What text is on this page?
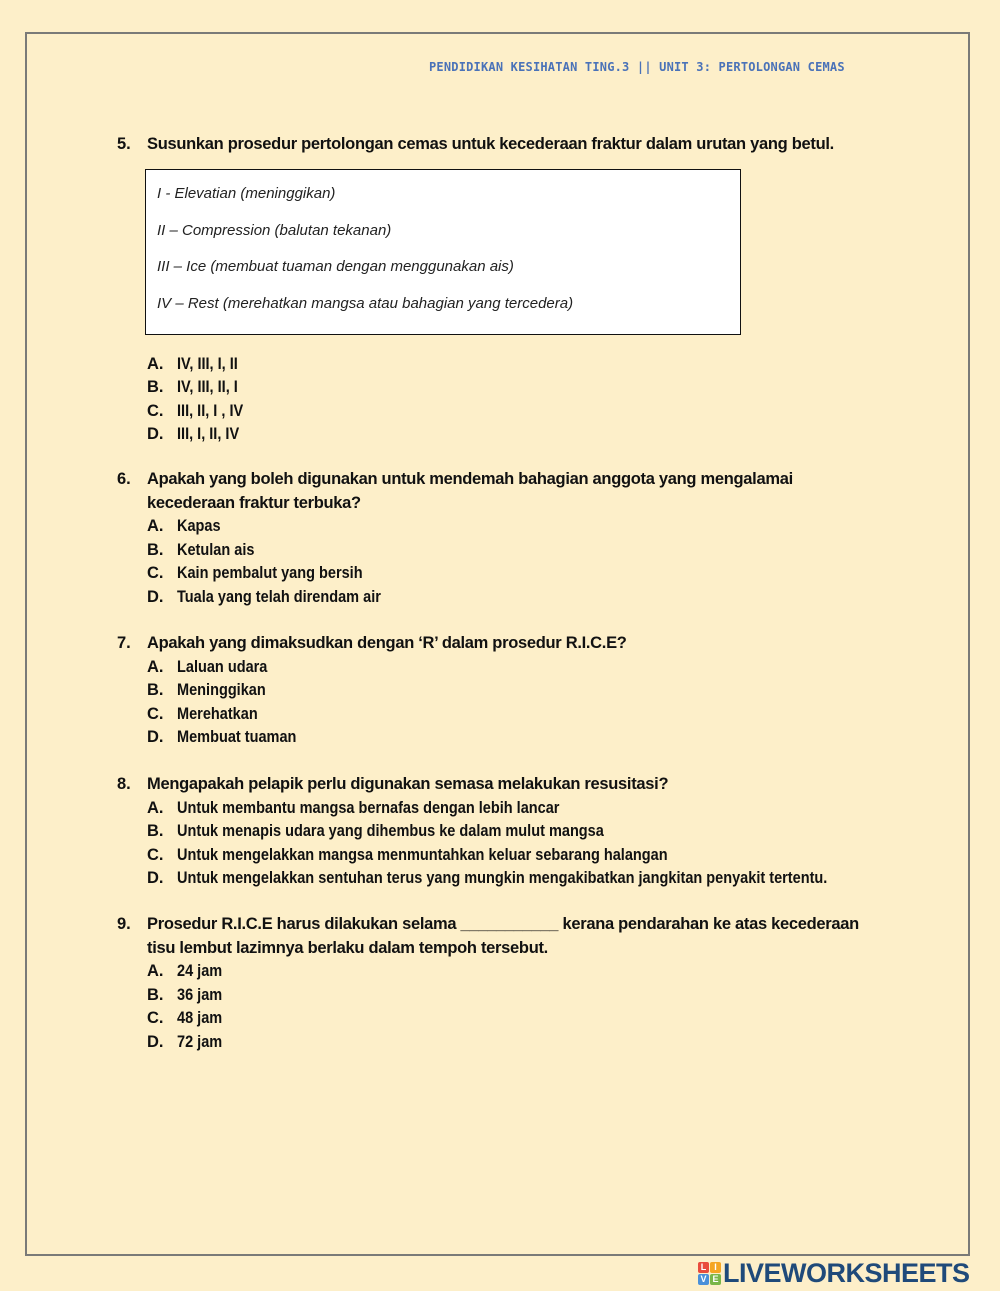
PENDIDIKAN KESIHATAN TING.3 || UNIT 3: PERTOLONGAN CEMAS
5. Susunkan prosedur pertolongan cemas untuk kecederaan fraktur dalam urutan yang betul.
A. IV, III, I, II
B. IV, III, II, I
C. III, II, I , IV
D. III, I, II, IV
I - Elevatian (meninggikan)
II – Compression (balutan tekanan)
III – Ice (membuat tuaman dengan menggunakan ais)
IV – Rest (merehatkan mangsa atau bahagian yang tercedera)
6. Apakah yang boleh digunakan untuk mendemah bahagian anggota yang mengalamai kecederaan fraktur terbuka?
A. Kapas
B. Ketulan ais
C. Kain pembalut yang bersih
D. Tuala yang telah direndam air
7. Apakah yang dimaksudkan dengan ‘R’ dalam prosedur R.I.C.E?
A. Laluan udara
B. Meninggikan
C. Merehatkan
D. Membuat tuaman
8. Mengapakah pelapik perlu digunakan semasa melakukan resusitasi?
A. Untuk membantu mangsa bernafas dengan lebih lancar
B. Untuk menapis udara yang dihembus ke dalam mulut mangsa
C. Untuk mengelakkan mangsa menmuntahkan keluar sebarang halangan
D. Untuk mengelakkan sentuhan terus yang mungkin mengakibatkan jangkitan penyakit tertentu.
9. Prosedur R.I.C.E harus dilakukan selama ___________ kerana pendarahan ke atas kecederaan tisu lembut lazimnya berlaku dalam tempoh tersebut.
A. 24 jam
B. 36 jam
C. 48 jam
D. 72 jam
L I
V E LIVEWORKSHEETS
